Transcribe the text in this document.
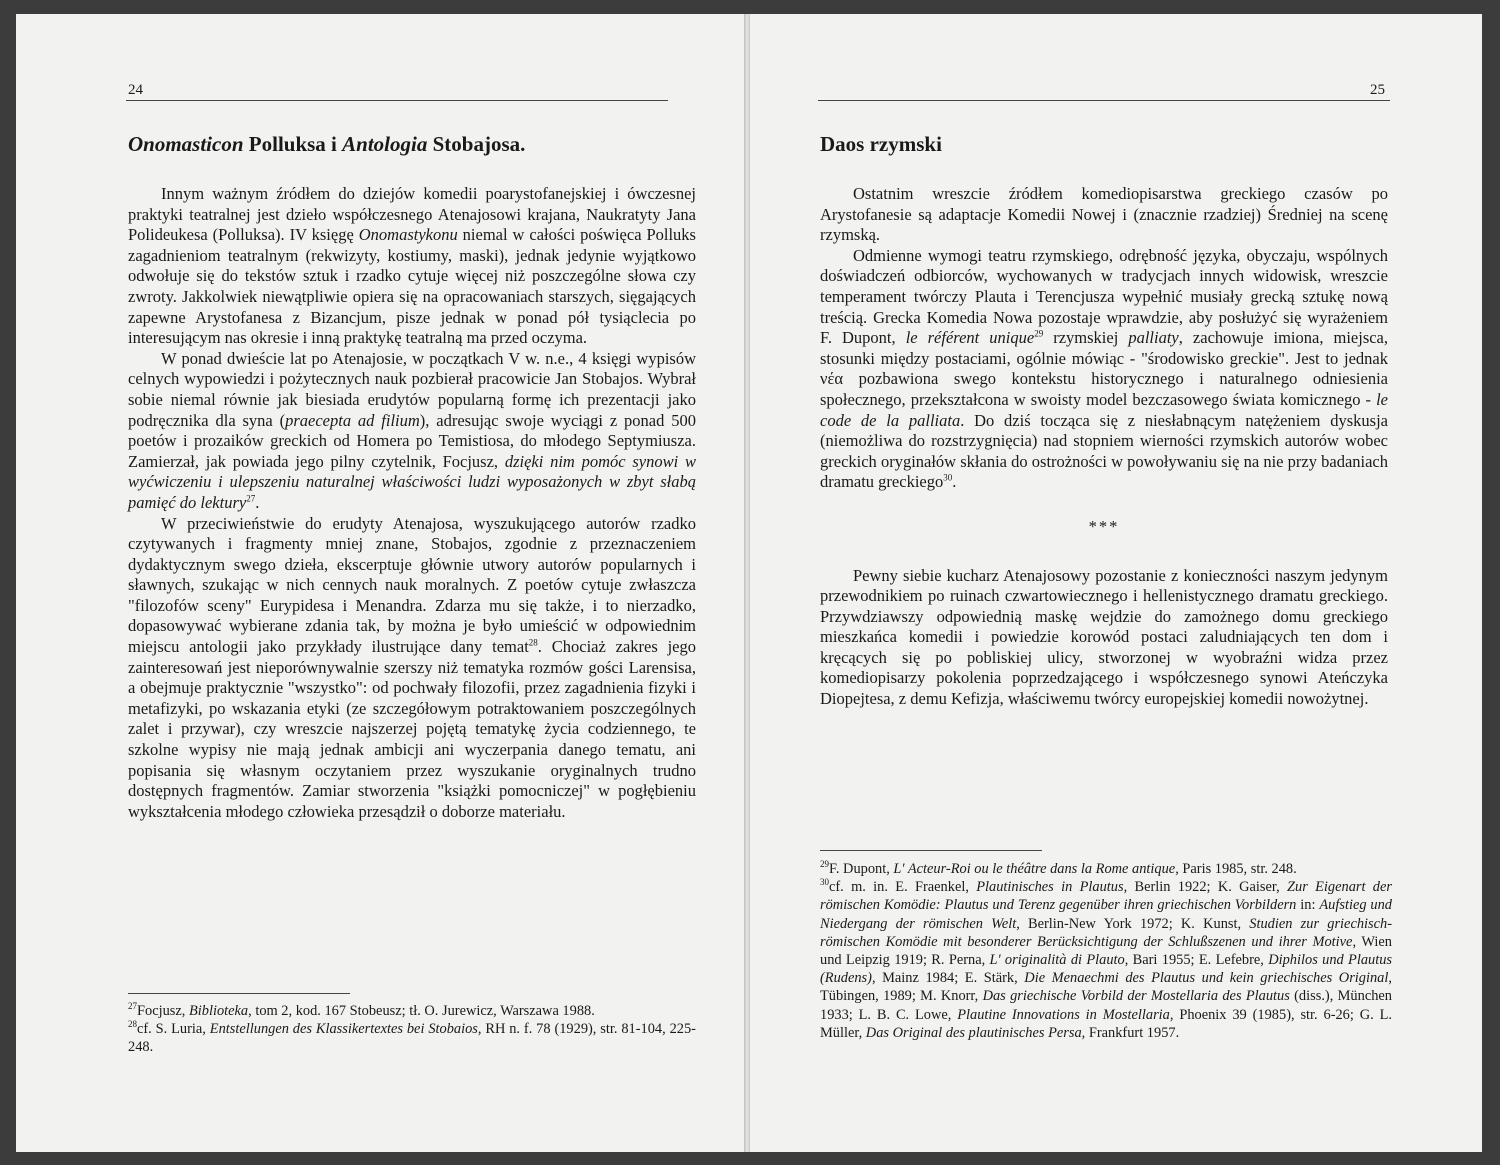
24
Onomasticon Polluksa i Antologia Stobajosa.

Innym ważnym źródłem do dziejów komedii poarystofanejskiej i ówczesnej praktyki teatralnej jest dzieło współczesnego Atenajosowi krajana, Naukratyty Jana Polideukesa (Polluksa). IV księgę Onomastykonu niemal w całości poświęca Polluks zagadnieniom teatralnym (rekwizyty, kostiumy, maski), jednak jedynie wyjątkowo odwołuje się do tekstów sztuk i rzadko cytuje więcej niż poszczególne słowa czy zwroty. Jakkolwiek niewątpliwie opiera się na opracowaniach starszych, sięgających zapewne Arystofanesa z Bizancjum, pisze jednak w ponad pół tysiąclecia po interesującym nas okresie i inną praktykę teatralną ma przed oczyma.

W ponad dwieście lat po Atenajosie, w początkach V w. n.e., 4 księgi wypisów celnych wypowiedzi i pożytecznych nauk pozbierał pracowicie Jan Stobajos. Wybrał sobie niemal równie jak biesiada erudytów popularną formę ich prezentacji jako podręcznika dla syna (praecepta ad filium), adresując swoje wyciągi z ponad 500 poetów i prozaików greckich od Homera po Temistiosa, do młodego Septymiusza. Zamierzał, jak powiada jego pilny czytelnik, Focjusz, dzięki nim pomóc synowi w wyćwiczeniu i ulepszeniu naturalnej właściwości ludzi wyposażonych w zbyt słabą pamięć do lektury$^{27}$.

W przeciwieństwie do erudyty Atenajosa, wyszukującego autorów rzadko czytywanych i fragmenty mniej znane, Stobajos, zgodnie z przeznaczeniem dydaktycznym swego dzieła, ekscerptuje głównie utwory autorów popularnych i sławnych, szukając w nich cennych nauk moralnych. Z poetów cytuje zwłaszcza "filozofów sceny" Eurypidesa i Menandra. Zdarza mu się także, i to nierzadko, dopasowywać wybierane zdania tak, by można je było umieścić w odpowiednim miejscu antologii jako przykłady ilustrujące dany temat$^{28}$. Chociaż zakres jego zainteresowań jest nieporównywalnie szerszy niż tematyka rozmów gości Larensisa, a obejmuje praktycznie "wszystko": od pochwały filozofii, przez zagadnienia fizyki i metafizyki, po wskazania etyki (ze szczegółowym potraktowaniem poszczególnych zalet i przywar), czy wreszcie najszerzej pojętą tematykę życia codziennego, te szkolne wypisy nie mają jednak ambicji ani wyczerpania danego tematu, ani popisania się własnym oczytaniem przez wyszukanie oryginalnych trudno dostępnych fragmentów. Zamiar stworzenia "książki pomocniczej" w pogłębieniu wykształcenia młodego człowieka przesądził o doborze materiału.

$^{27}$Focjusz, Biblioteka, tom 2, kod. 167 Stobeusz; tł. O. Jurewicz, Warszawa 1988.

$^{28}$cf. S. Luria, Entstellungen des Klassikertextes bei Stobaios, RH n. f. 78 (1929), str. 81-104, 225-248.

25
Daos rzymski

Ostatnim wreszcie źródłem komediopisarstwa greckiego czasów po Arystofanesie są adaptacje Komedii Nowej i (znacznie rzadziej) Średniej na scenę rzymską.

Odmienne wymogi teatru rzymskiego, odrębność języka, obyczaju, wspólnych doświadczeń odbiorców, wychowanych w tradycjach innych widowisk, wreszcie temperament twórczy Plauta i Terencjusza wypełnić musiały grecką sztukę nową treścią. Grecka Komedia Nowa pozostaje wprawdzie, aby posłużyć się wyrażeniem F. Dupont, le référent unique$^{29}$ rzymskiej palliaty, zachowuje imiona, miejsca, stosunki między postaciami, ogólnie mówiąc - "środowisko greckie". Jest to jednak νέα pozbawiona swego kontekstu historycznego i naturalnego odniesienia społecznego, przekształcona w swoisty model bezczasowego świata komicznego - le code de la palliata. Do dziś tocząca się z niesłabnącym natężeniem dyskusja (niemożliwa do rozstrzygnięcia) nad stopniem wierności rzymskich autorów wobec greckich oryginałów skłania do ostrożności w powoływaniu się na nie przy badaniach dramatu greckiego$^{30}$.

***

Pewny siebie kucharz Atenajosowy pozostanie z konieczności naszym jedynym przewodnikiem po ruinach czwartowiecznego i hellenistycznego dramatu greckiego. Przywdziawszy odpowiednią maskę wejdzie do zamożnego domu greckiego mieszkańca komedii i powiedzie korowód postaci zaludniających ten dom i kręcących się po pobliskiej ulicy, stworzonej w wyobraźni widza przez komediopisarzy pokolenia poprzedzającego i współczesnego synowi Ateńczyka Diopejtesa, z demu Kefizja, właściwemu twórcy europejskiej komedii nowożytnej.

$^{29}$F. Dupont, L' Acteur-Roi ou le théâtre dans la Rome antique, Paris 1985, str. 248.

$^{30}$cf. m. in. E. Fraenkel, Plautinisches in Plautus, Berlin 1922; K. Gaiser, Zur Eigenart der römischen Komödie: Plautus und Terenz gegenüber ihren griechischen Vorbildern in: Aufstieg und Niedergang der römischen Welt, Berlin-New York 1972; K. Kunst, Studien zur griechisch-römischen Komödie mit besonderer Berücksichtigung der Schlußszenen und ihrer Motive, Wien und Leipzig 1919; R. Perna, L' originalità di Plauto, Bari 1955; E. Lefebre, Diphilos und Plautus (Rudens), Mainz 1984; E. Stärk, Die Menaechmi des Plautus und kein griechisches Original, Tübingen, 1989; M. Knorr, Das griechische Vorbild der Mostellaria des Plautus (diss.), München 1933; L. B. C. Lowe, Plautine Innovations in Mostellaria, Phoenix 39 (1985), str. 6-26; G. L. Müller, Das Original des plautinisches Persa, Frankfurt 1957.
